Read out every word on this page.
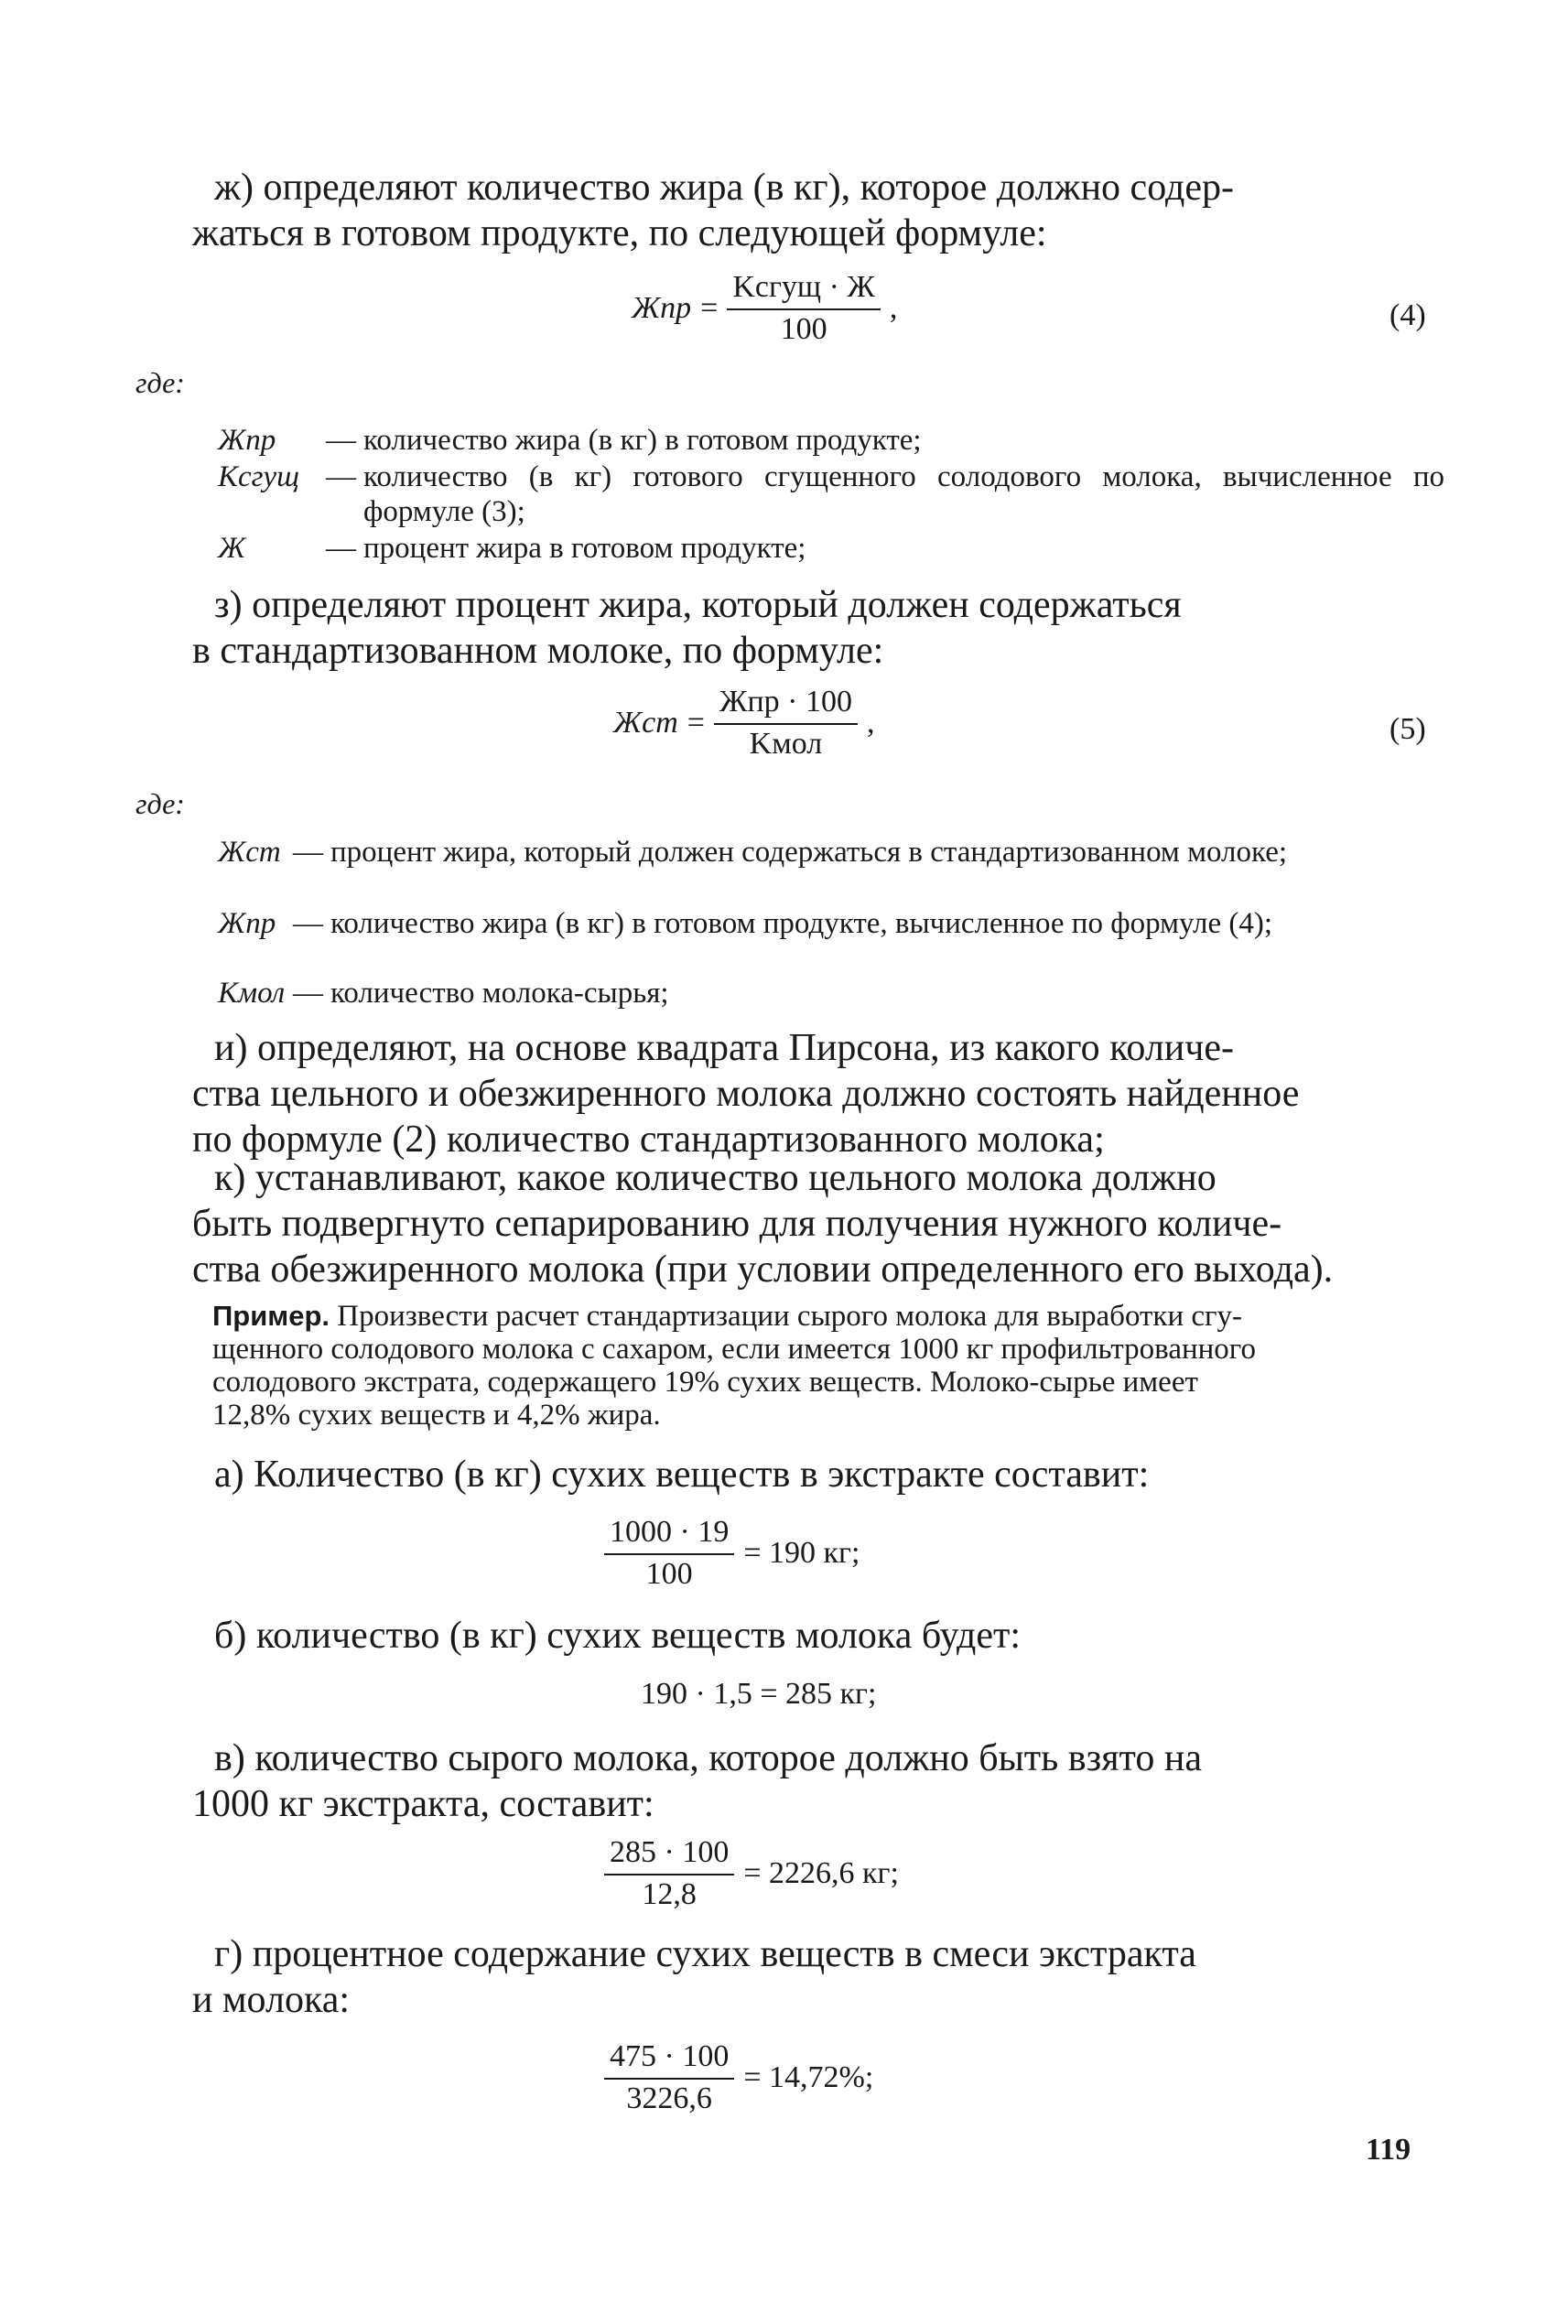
ж) определяют количество жира (в кг), которое должно содер-
жаться в готовом продукте, по следующей формуле:
Жпр = $\frac{\text{Kсгущ · Ж}}{100}$ ,	(4)
где:
Жпр	— количество жира (в кг) в готовом продукте;
Kсгущ — количество (в кг) готового сгущенного солодового молока, вычисленное по формуле (3);
Ж	— процент жира в готовом продукте;
з) определяют процент жира, который должен содержаться
в стандартизованном молоке, по формуле:
Жст = $\frac{\text{Жпр · 100}}{\text{Kмол}}$ ,	(5)
где:
Жст — процент жира, который должен содержаться в стандартизованном молоке;
Жпр — количество жира (в кг) в готовом продукте, вычисленное по формуле (4);
Kмол — количество молока-сырья;
и) определяют, на основе квадрата Пирсона, из какого количе-
ства цельного и обезжиренного молока должно состоять найденное
по формуле (2) количество стандартизованного молока;
к) устанавливают, какое количество цельного молока должно
быть подвергнуто сепарированию для получения нужного количе-
ства обезжиренного молока (при условии определенного его выхода).
Пример. Произвести расчет стандартизации сырого молока для выработки сгу-
щенного солодового молока с сахаром, если имеется 1000 кг профильтрованного
солодового экстрата, содержащего 19% сухих веществ. Молоко-сырье имеет
12,8% сухих веществ и 4,2% жира.
а) Количество (в кг) сухих веществ в экстракте составит:
$\frac{1000 \cdot 19}{100} = 190$ кг;
б) количество (в кг) сухих веществ молока будет:
190 · 1,5 = 285 кг;
в) количество сырого молока, которое должно быть взято на
1000 кг экстракта, составит:
$\frac{285 \cdot 100}{12,8} = 2226,6$ кг;
г) процентное содержание сухих веществ в смеси экстракта
и молока:
$\frac{475 \cdot 100}{3226,6} = 14,72\%$;
119
